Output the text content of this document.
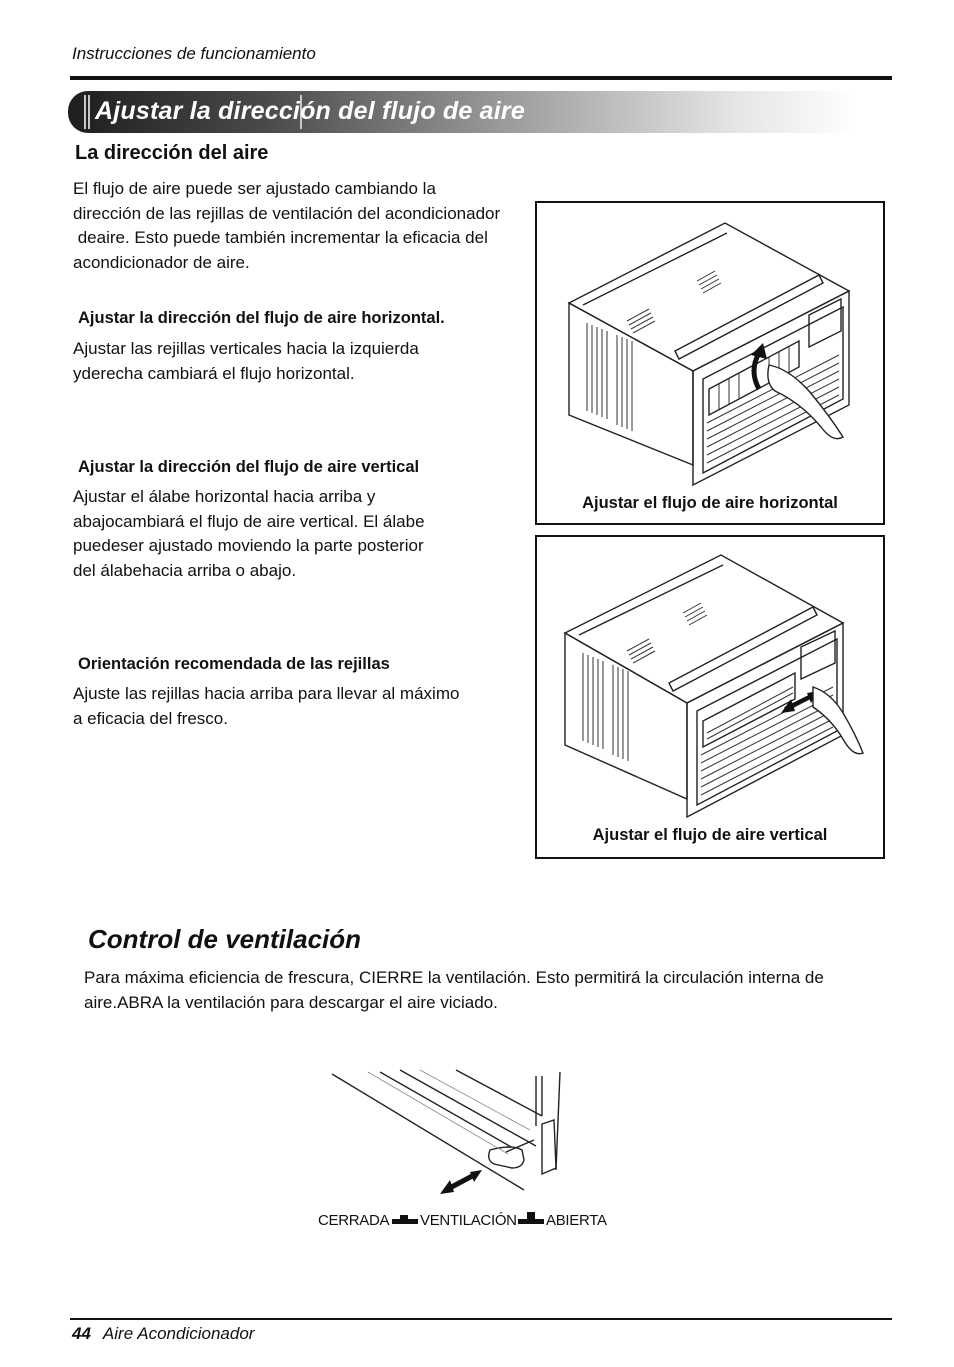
Instrucciones de funcionamiento
Ajustar la dirección del flujo de aire
La dirección del aire
El flujo de aire puede ser ajustado cambiando la
dirección de las rejillas de ventilación del acondicionador
deaire. Esto puede también incrementar la eficacia del
acondicionador de aire.
Ajustar la dirección del flujo de aire horizontal.
Ajustar las rejillas verticales hacia la izquierda
yderecha cambiará el flujo horizontal.
Ajustar la dirección del flujo de aire vertical
Ajustar el álabe horizontal hacia arriba y
abajocambiará el flujo de aire vertical. El álabe
puedeser ajustado moviendo la parte posterior
del álabehacia arriba o abajo.
Orientación recomendada de las rejillas
Ajuste las rejillas hacia arriba para llevar al máximo
a eficacia del fresco.
Ajustar el flujo de aire horizontal
Ajustar el flujo de aire vertical
Control de ventilación
Para máxima eficiencia de frescura, CIERRE la ventilación. Esto permitirá la circulación interna de
aire.ABRA la ventilación para descargar el aire viciado.
CERRADA VENTILACIÓN ABIERTA
44 Aire Acondicionador
